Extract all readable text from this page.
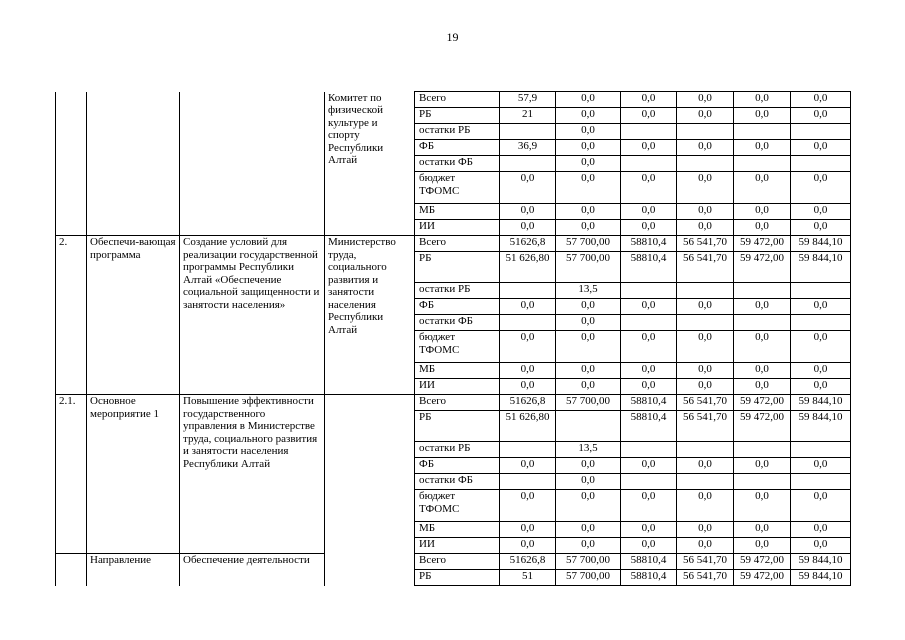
19
			Комитет по физической культуре и спорту Республики Алтай	Всего	57,9	0,0	0,0	0,0	0,0	0,0
				РБ	21	0,0	0,0	0,0	0,0	0,0
				остатки РБ		0,0				
				ФБ	36,9	0,0	0,0	0,0	0,0	0,0
				остатки ФБ		0,0				
				бюджет ТФОМС	0,0	0,0	0,0	0,0	0,0	0,0
				МБ	0,0	0,0	0,0	0,0	0,0	0,0
				ИИ	0,0	0,0	0,0	0,0	0,0	0,0
2.	Обеспечи-вающая программа	Создание условий для реализации государственной программы Республики Алтай «Обеспечение социальной защищенности и занятости населения»	Министерство труда, социального развития и занятости населения Республики Алтай	Всего	51626,8	57 700,00	58810,4	56 541,70	59 472,00	59 844,10
				РБ	51 626,80	57 700,00	58810,4	56 541,70	59 472,00	59 844,10
				остатки РБ		13,5				
				ФБ	0,0	0,0	0,0	0,0	0,0	0,0
				остатки ФБ		0,0				
				бюджет ТФОМС	0,0	0,0	0,0	0,0	0,0	0,0
				МБ	0,0	0,0	0,0	0,0	0,0	0,0
				ИИ	0,0	0,0	0,0	0,0	0,0	0,0
2.1.	Основное мероприятие 1	Повышение эффективности государственного управления в Министерстве труда, социального развития и занятости населения Республики Алтай		Всего	51626,8	57 700,00	58810,4	56 541,70	59 472,00	59 844,10
				РБ	51 626,80		58810,4	56 541,70	59 472,00	59 844,10
				остатки РБ		13,5				
				ФБ	0,0	0,0	0,0	0,0	0,0	0,0
				остатки ФБ		0,0				
				бюджет ТФОМС	0,0	0,0	0,0	0,0	0,0	0,0
				МБ	0,0	0,0	0,0	0,0	0,0	0,0
				ИИ	0,0	0,0	0,0	0,0	0,0	0,0
	Направление	Обеспечение деятельности		Всего	51626,8	57 700,00	58810,4	56 541,70	59 472,00	59 844,10
				РБ	51	57 700,00	58810,4	56 541,70	59 472,00	59 844,10
